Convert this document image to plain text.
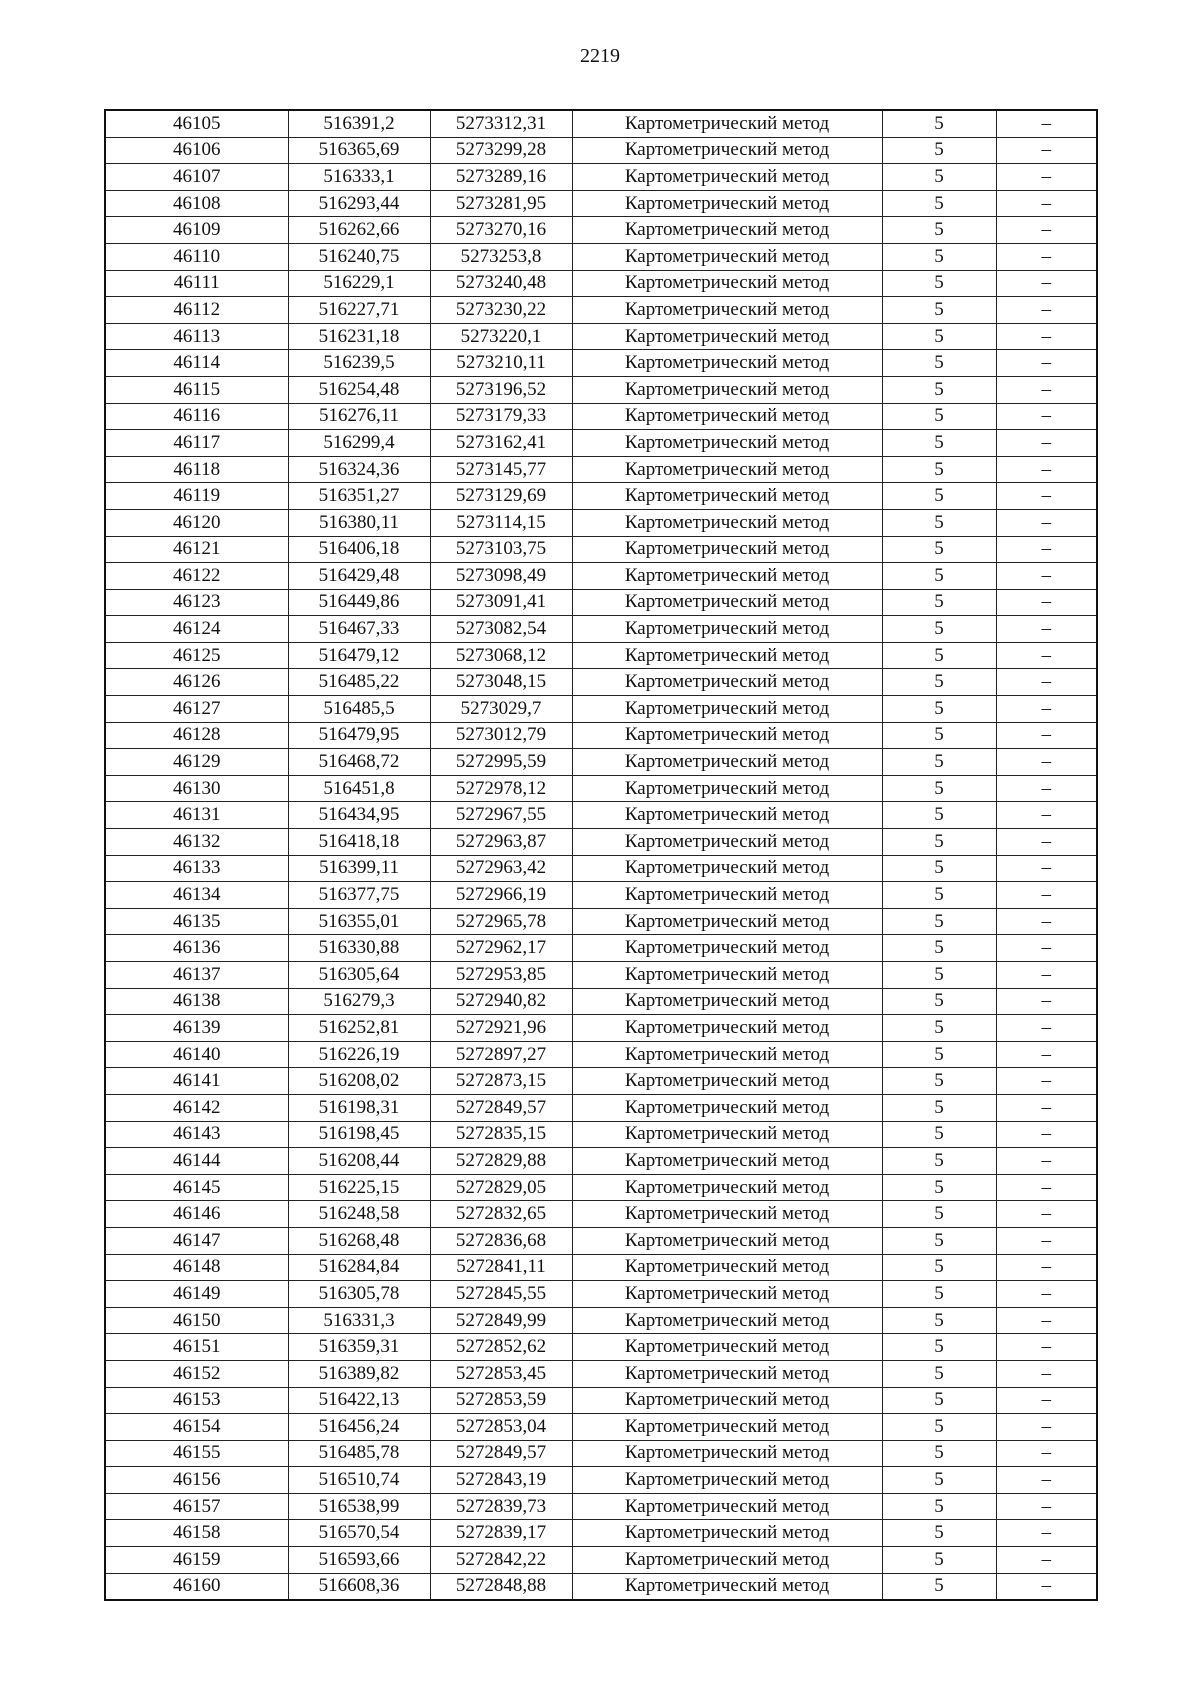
2219
46105	516391,2	5273312,31	Картометрический метод	5	–
46106	516365,69	5273299,28	Картометрический метод	5	–
46107	516333,1	5273289,16	Картометрический метод	5	–
46108	516293,44	5273281,95	Картометрический метод	5	–
46109	516262,66	5273270,16	Картометрический метод	5	–
46110	516240,75	5273253,8	Картометрический метод	5	–
46111	516229,1	5273240,48	Картометрический метод	5	–
46112	516227,71	5273230,22	Картометрический метод	5	–
46113	516231,18	5273220,1	Картометрический метод	5	–
46114	516239,5	5273210,11	Картометрический метод	5	–
46115	516254,48	5273196,52	Картометрический метод	5	–
46116	516276,11	5273179,33	Картометрический метод	5	–
46117	516299,4	5273162,41	Картометрический метод	5	–
46118	516324,36	5273145,77	Картометрический метод	5	–
46119	516351,27	5273129,69	Картометрический метод	5	–
46120	516380,11	5273114,15	Картометрический метод	5	–
46121	516406,18	5273103,75	Картометрический метод	5	–
46122	516429,48	5273098,49	Картометрический метод	5	–
46123	516449,86	5273091,41	Картометрический метод	5	–
46124	516467,33	5273082,54	Картометрический метод	5	–
46125	516479,12	5273068,12	Картометрический метод	5	–
46126	516485,22	5273048,15	Картометрический метод	5	–
46127	516485,5	5273029,7	Картометрический метод	5	–
46128	516479,95	5273012,79	Картометрический метод	5	–
46129	516468,72	5272995,59	Картометрический метод	5	–
46130	516451,8	5272978,12	Картометрический метод	5	–
46131	516434,95	5272967,55	Картометрический метод	5	–
46132	516418,18	5272963,87	Картометрический метод	5	–
46133	516399,11	5272963,42	Картометрический метод	5	–
46134	516377,75	5272966,19	Картометрический метод	5	–
46135	516355,01	5272965,78	Картометрический метод	5	–
46136	516330,88	5272962,17	Картометрический метод	5	–
46137	516305,64	5272953,85	Картометрический метод	5	–
46138	516279,3	5272940,82	Картометрический метод	5	–
46139	516252,81	5272921,96	Картометрический метод	5	–
46140	516226,19	5272897,27	Картометрический метод	5	–
46141	516208,02	5272873,15	Картометрический метод	5	–
46142	516198,31	5272849,57	Картометрический метод	5	–
46143	516198,45	5272835,15	Картометрический метод	5	–
46144	516208,44	5272829,88	Картометрический метод	5	–
46145	516225,15	5272829,05	Картометрический метод	5	–
46146	516248,58	5272832,65	Картометрический метод	5	–
46147	516268,48	5272836,68	Картометрический метод	5	–
46148	516284,84	5272841,11	Картометрический метод	5	–
46149	516305,78	5272845,55	Картометрический метод	5	–
46150	516331,3	5272849,99	Картометрический метод	5	–
46151	516359,31	5272852,62	Картометрический метод	5	–
46152	516389,82	5272853,45	Картометрический метод	5	–
46153	516422,13	5272853,59	Картометрический метод	5	–
46154	516456,24	5272853,04	Картометрический метод	5	–
46155	516485,78	5272849,57	Картометрический метод	5	–
46156	516510,74	5272843,19	Картометрический метод	5	–
46157	516538,99	5272839,73	Картометрический метод	5	–
46158	516570,54	5272839,17	Картометрический метод	5	–
46159	516593,66	5272842,22	Картометрический метод	5	–
46160	516608,36	5272848,88	Картометрический метод	5	–
